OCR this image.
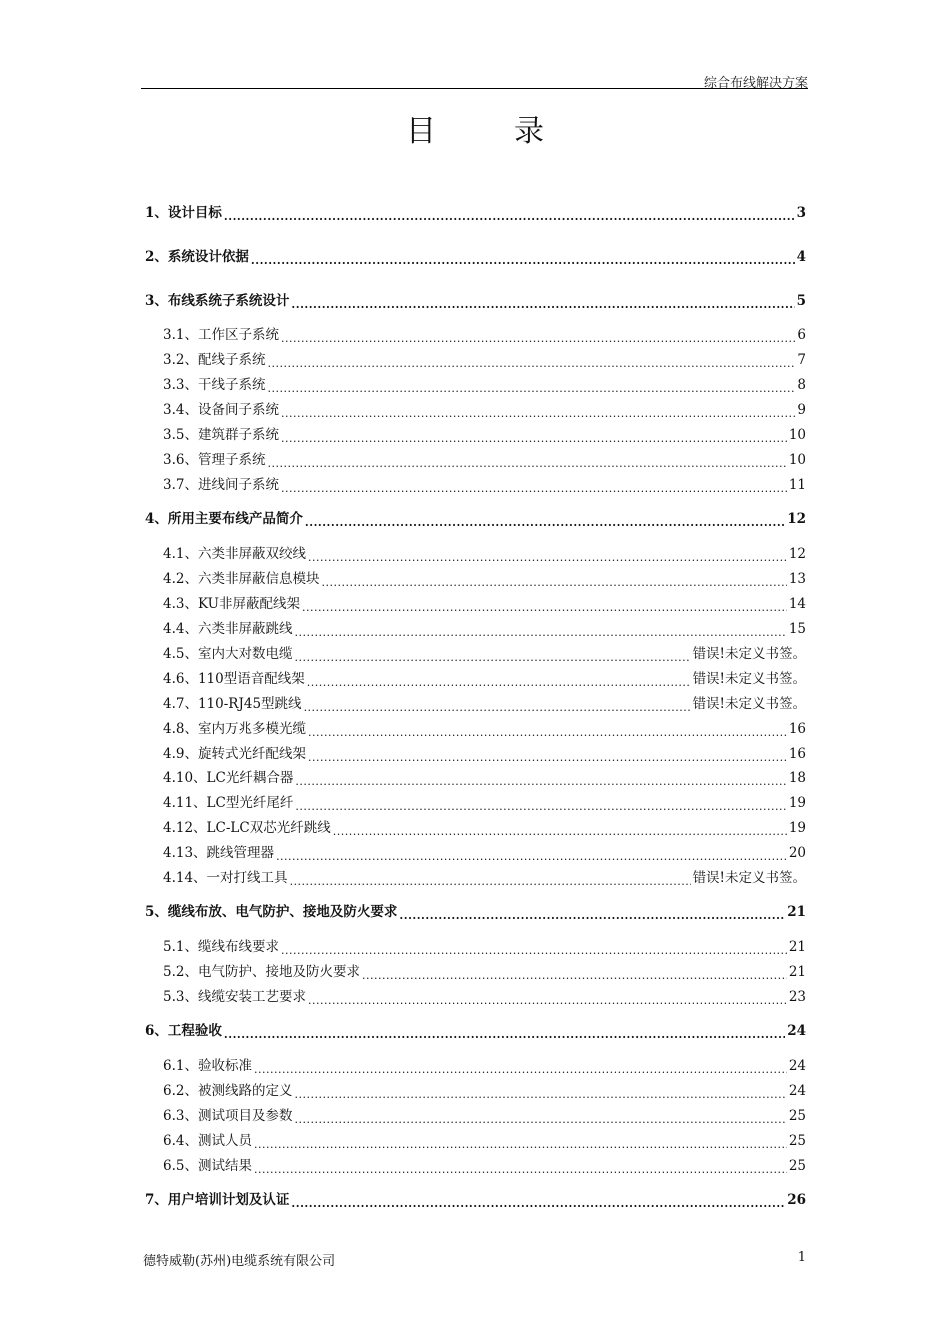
综合布线解决方案
目录
1、设计目标 .....	3
2、系统设计依据 .....	4
3、布线系统子系统设计 .....	5
3.1、工作区子系统 .....	6
3.2、配线子系统 .....	7
3.3、干线子系统 .....	8
3.4、设备间子系统 .....	9
3.5、建筑群子系统 .....	10
3.6、管理子系统 .....	10
3.7、进线间子系统 .....	11
4、所用主要布线产品简介 .....	12
4.1、六类非屏蔽双绞线 .....	12
4.2、六类非屏蔽信息模块 .....	13
4.3、KU非屏蔽配线架 .....	14
4.4、六类非屏蔽跳线 .....	15
4.5、室内大对数电缆 .....	错误!未定义书签。
4.6、110型语音配线架 .....	错误!未定义书签。
4.7、110-RJ45型跳线 .....	错误!未定义书签。
4.8、室内万兆多模光缆 .....	16
4.9、旋转式光纤配线架 .....	16
4.10、LC光纤耦合器 .....	18
4.11、LC型光纤尾纤 .....	19
4.12、LC-LC双芯光纤跳线 .....	19
4.13、跳线管理器 .....	20
4.14、一对打线工具 .....	错误!未定义书签。
5、缆线布放、电气防护、接地及防火要求 .....	21
5.1、缆线布线要求 .....	21
5.2、电气防护、接地及防火要求 .....	21
5.3、线缆安装工艺要求 .....	23
6、工程验收 .....	24
6.1、验收标准 .....	24
6.2、被测线路的定义 .....	24
6.3、测试项目及参数 .....	25
6.4、测试人员 .....	25
6.5、测试结果 .....	25
7、用户培训计划及认证 .....	26
德特威勒(苏州)电缆系统有限公司	1
